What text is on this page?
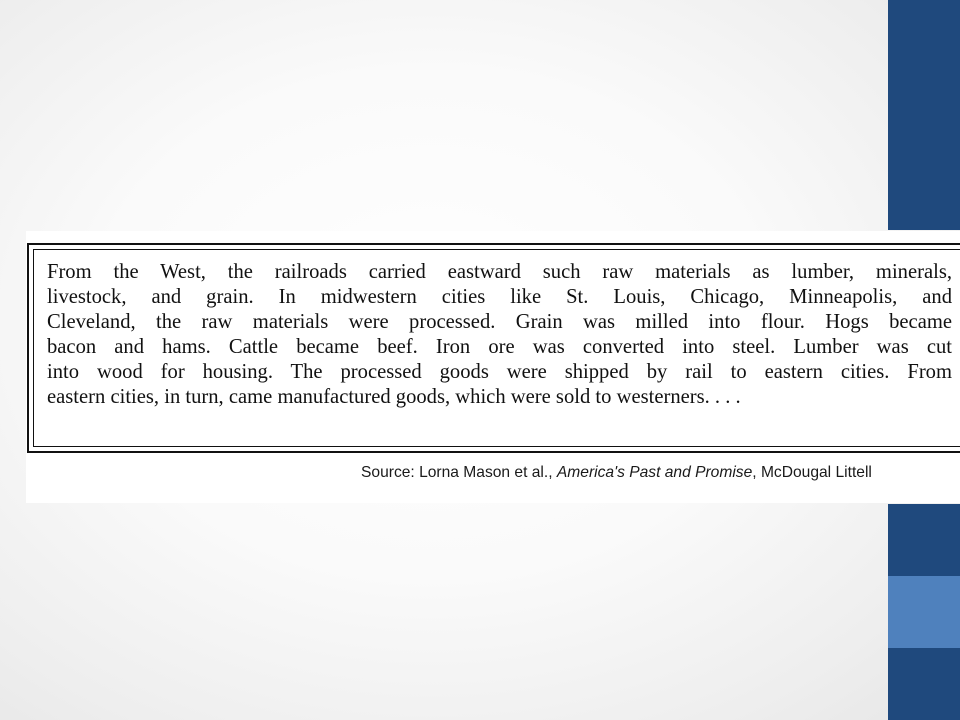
From the West, the railroads carried eastward such raw materials as lumber, minerals,
livestock, and grain. In midwestern cities like St. Louis, Chicago, Minneapolis, and
Cleveland, the raw materials were processed. Grain was milled into flour. Hogs became
bacon and hams. Cattle became beef. Iron ore was converted into steel. Lumber was cut
into wood for housing. The processed goods were shipped by rail to eastern cities. From
eastern cities, in turn, came manufactured goods, which were sold to westerners. . . .

Source: Lorna Mason et al., America's Past and Promise, McDougal Littell
